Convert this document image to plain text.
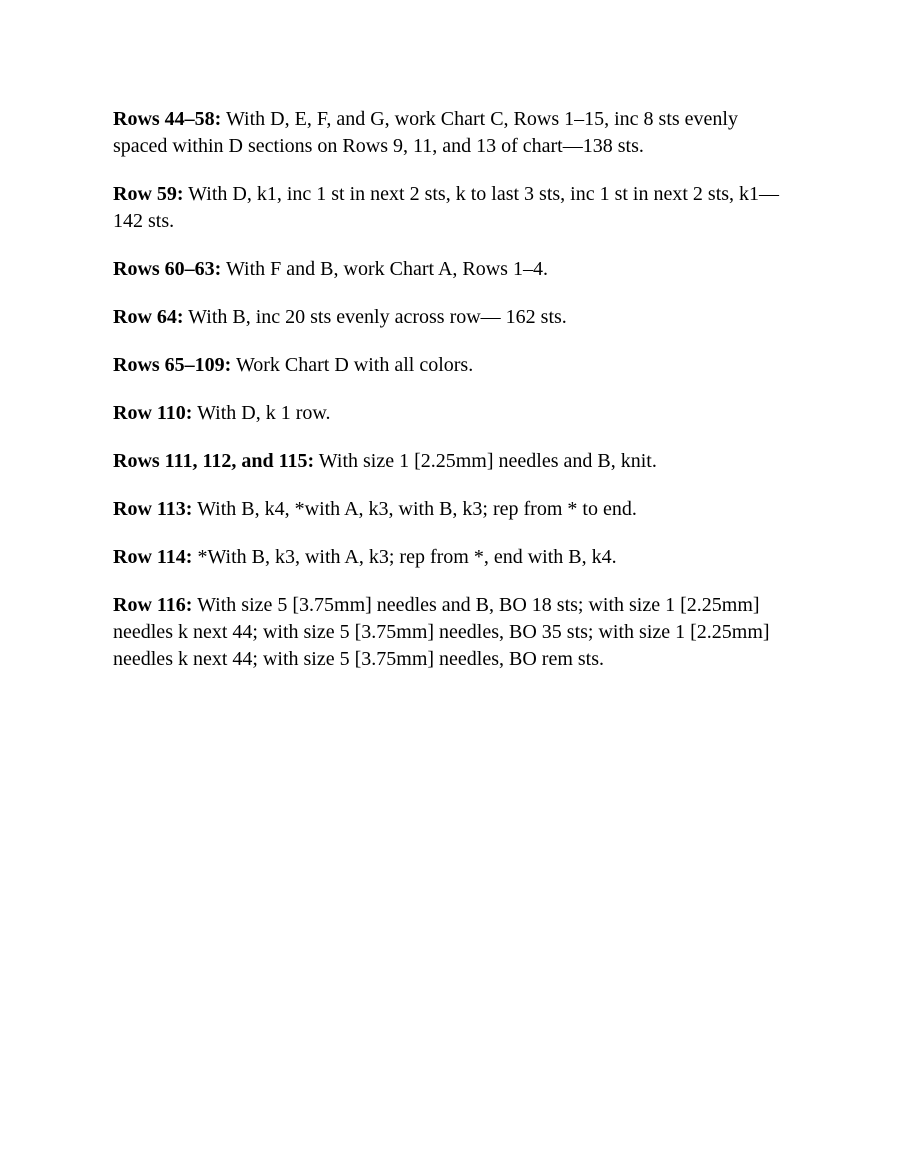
Rows 44–58: With D, E, F, and G, work Chart C, Rows 1–15, inc 8 sts evenly spaced within D sections on Rows 9, 11, and 13 of chart—138 sts.

Row 59: With D, k1, inc 1 st in next 2 sts, k to last 3 sts, inc 1 st in next 2 sts, k1—142 sts.

Rows 60–63: With F and B, work Chart A, Rows 1–4.

Row 64: With B, inc 20 sts evenly across row— 162 sts.

Rows 65–109: Work Chart D with all colors.

Row 110: With D, k 1 row.

Rows 111, 112, and 115: With size 1 [2.25mm] needles and B, knit.

Row 113: With B, k4, *with A, k3, with B, k3; rep from * to end.

Row 114: *With B, k3, with A, k3; rep from *, end with B, k4.

Row 116: With size 5 [3.75mm] needles and B, BO 18 sts; with size 1 [2.25mm] needles k next 44; with size 5 [3.75mm] needles, BO 35 sts; with size 1 [2.25mm] needles k next 44; with size 5 [3.75mm] needles, BO rem sts.
